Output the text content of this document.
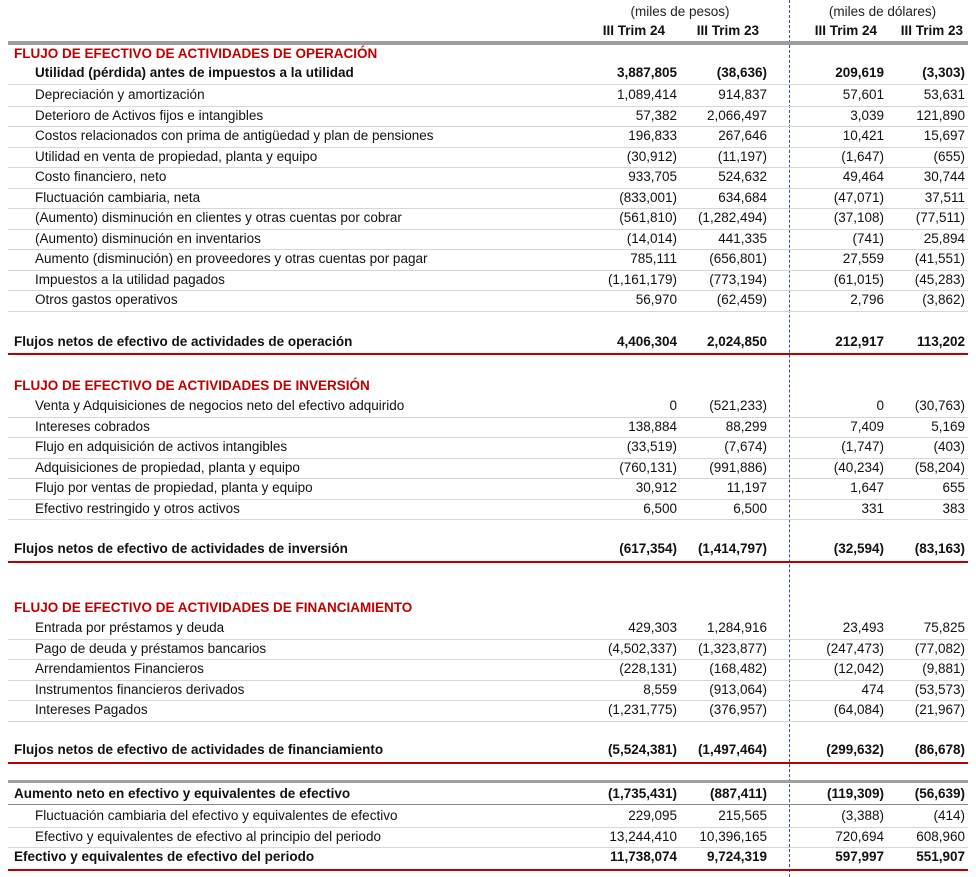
(miles de pesos)	(miles de dólares)
III Trim 24	III Trim 23	III Trim 24	III Trim 23
FLUJO DE EFECTIVO DE ACTIVIDADES DE OPERACIÓN
Utilidad (pérdida) antes de impuestos a la utilidad	3,887,805	(38,636)	209,619	(3,303)
Depreciación y amortización	1,089,414	914,837	57,601	53,631
Deterioro de Activos fijos e intangibles	57,382	2,066,497	3,039	121,890
Costos relacionados con prima de antigüedad y plan de pensiones	196,833	267,646	10,421	15,697
Utilidad en venta de propiedad, planta y equipo	(30,912)	(11,197)	(1,647)	(655)
Costo financiero, neto	933,705	524,632	49,464	30,744
Fluctuación cambiaria, neta	(833,001)	634,684	(47,071)	37,511
(Aumento) disminución en clientes y otras cuentas por cobrar	(561,810)	(1,282,494)	(37,108)	(77,511)
(Aumento) disminución en inventarios	(14,014)	441,335	(741)	25,894
Aumento (disminución) en proveedores y otras cuentas por pagar	785,111	(656,801)	27,559	(41,551)
Impuestos a la utilidad pagados	(1,161,179)	(773,194)	(61,015)	(45,283)
Otros gastos operativos	56,970	(62,459)	2,796	(3,862)
Flujos netos de efectivo de actividades de operación	4,406,304	2,024,850	212,917	113,202
FLUJO DE EFECTIVO DE ACTIVIDADES DE INVERSIÓN
Venta y Adquisiciones de negocios neto del efectivo adquirido	0	(521,233)	0	(30,763)
Intereses cobrados	138,884	88,299	7,409	5,169
Flujo en adquisición de activos intangibles	(33,519)	(7,674)	(1,747)	(403)
Adquisiciones de propiedad, planta y equipo	(760,131)	(991,886)	(40,234)	(58,204)
Flujo por ventas de propiedad, planta y equipo	30,912	11,197	1,647	655
Efectivo restringido y otros activos	6,500	6,500	331	383
Flujos netos de efectivo de actividades de inversión	(617,354)	(1,414,797)	(32,594)	(83,163)
FLUJO DE EFECTIVO DE ACTIVIDADES DE FINANCIAMIENTO
Entrada por préstamos y deuda	429,303	1,284,916	23,493	75,825
Pago de deuda y préstamos bancarios	(4,502,337)	(1,323,877)	(247,473)	(77,082)
Arrendamientos Financieros	(228,131)	(168,482)	(12,042)	(9,881)
Instrumentos financieros derivados	8,559	(913,064)	474	(53,573)
Intereses Pagados	(1,231,775)	(376,957)	(64,084)	(21,967)
Flujos netos de efectivo de actividades de financiamiento	(5,524,381)	(1,497,464)	(299,632)	(86,678)
Aumento neto en efectivo y equivalentes de efectivo	(1,735,431)	(887,411)	(119,309)	(56,639)
Fluctuación cambiaria del efectivo y equivalentes de efectivo	229,095	215,565	(3,388)	(414)
Efectivo y equivalentes de efectivo al principio del periodo	13,244,410	10,396,165	720,694	608,960
Efectivo y equivalentes de efectivo del periodo	11,738,074	9,724,319	597,997	551,907
